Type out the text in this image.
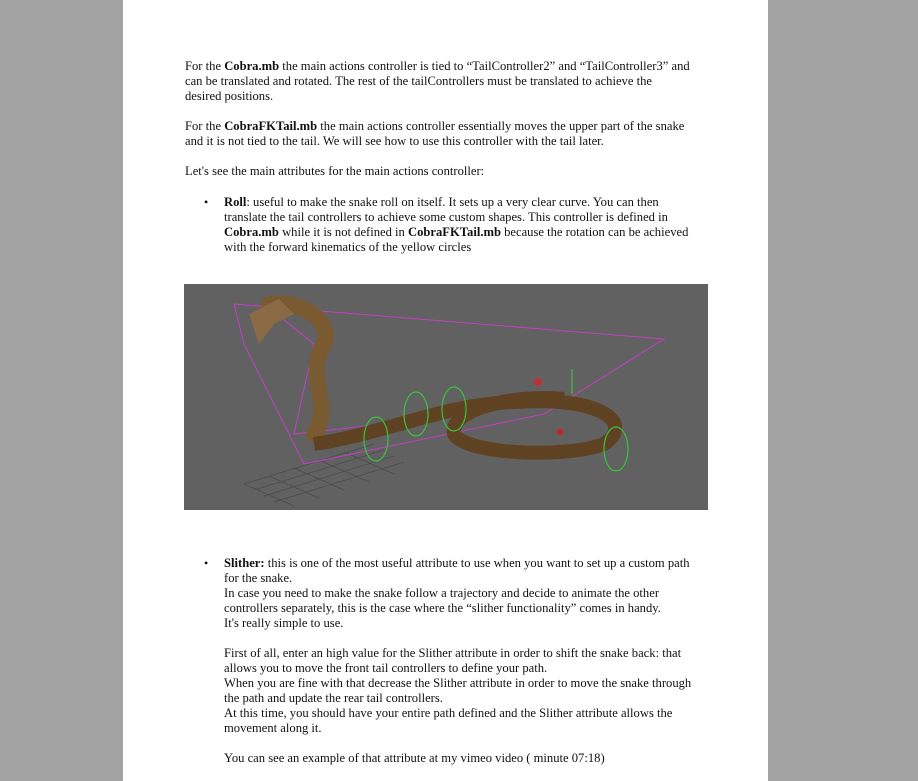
For the Cobra.mb the main actions controller is tied to “TailController2” and “TailController3” and
can be translated and rotated. The rest of the tailControllers must be translated to achieve the
desired positions.
For the CobraFKTail.mb the main actions controller essentially moves the upper part of the snake
and it is not tied to the tail. We will see how to use this controller with the tail later.
Let's see the main attributes for the main actions controller:
• Roll: useful to make the snake roll on itself. It sets up a very clear curve. You can then
translate the tail controllers to achieve some custom shapes. This controller is defined in
Cobra.mb while it is not defined in CobraFKTail.mb because the rotation can be achieved
with the forward kinematics of the yellow circles
• Slither: this is one of the most useful attribute to use when you want to set up a custom path
for the snake.
In case you need to make the snake follow a trajectory and decide to animate the other
controllers separately, this is the case where the “slither functionality” comes in handy.
It's really simple to use.
First of all, enter an high value for the Slither attribute in order to shift the snake back: that
allows you to move the front tail controllers to define your path.
When you are fine with that decrease the Slither attribute in order to move the snake through
the path and update the rear tail controllers.
At this time, you should have your entire path defined and the Slither attribute allows the
movement along it.
You can see an example of that attribute at my vimeo video ( minute 07:18)
